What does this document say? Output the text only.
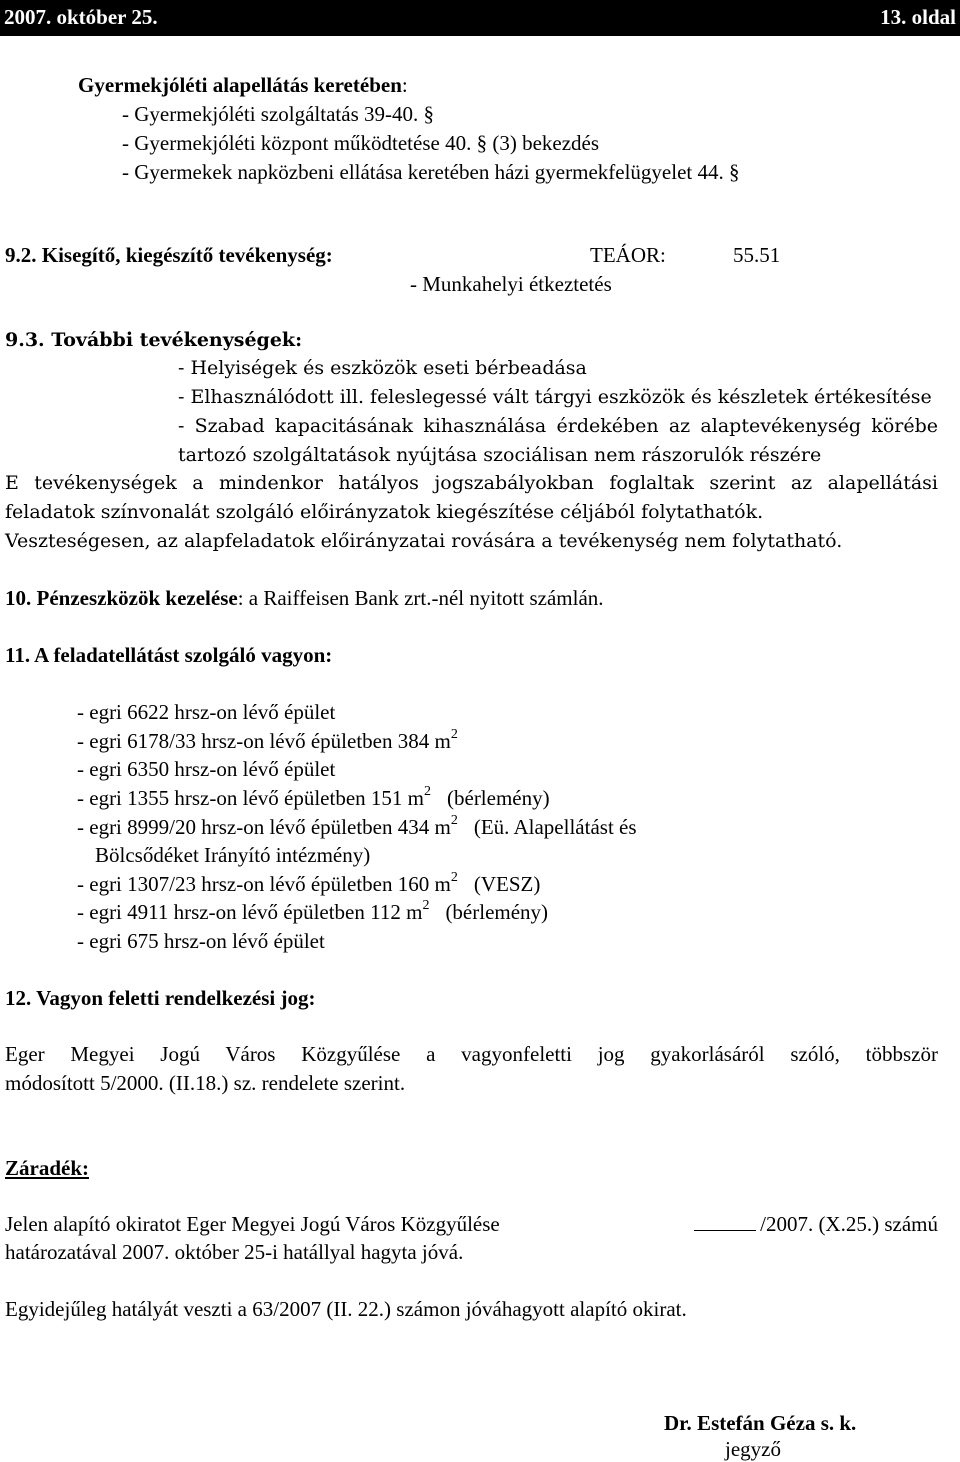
2007. október 25.	13. oldal
Gyermekjóléti alapellátás keretében:
- Gyermekjóléti szolgáltatás 39-40. §
- Gyermekjóléti központ működtetése 40. § (3) bekezdés
- Gyermekek napközbeni ellátása keretében házi gyermekfelügyelet 44. §
9.2. Kisegítő, kiegészítő tevékenység:	TEÁOR:	55.51
- Munkahelyi étkeztetés
9.3. További tevékenységek:
- Helyiségek és eszközök eseti bérbeadása
- Elhasználódott ill. feleslegessé vált tárgyi eszközök és készletek értékesítése
- Szabad kapacitásának kihasználása érdekében az alaptevékenység körébe
tartozó szolgáltatások nyújtása szociálisan nem rászorulók részére
E tevékenységek a mindenkor hatályos jogszabályokban foglaltak szerint az alapellátási
feladatok színvonalát szolgáló előirányzatok kiegészítése céljából folytathatók.
Veszteségesen, az alapfeladatok előirányzatai rovására a tevékenység nem folytatható.
10. Pénzeszközök kezelése: a Raiffeisen Bank zrt.-nél nyitott számlán.
11. A feladatellátást szolgáló vagyon:
- egri 6622 hrsz-on lévő épület
- egri 6178/33 hrsz-on lévő épületben 384 $m^2$
- egri 6350 hrsz-on lévő épület
- egri 1355 hrsz-on lévő épületben 151 $m^2$ (bérlemény)
- egri 8999/20 hrsz-on lévő épületben 434 $m^2$ (Eü. Alapellátást és
Bölcsődéket Irányító intézmény)
- egri 1307/23 hrsz-on lévő épületben 160 $m^2$ (VESZ)
- egri 4911 hrsz-on lévő épületben 112 $m^2$ (bérlemény)
- egri 675 hrsz-on lévő épület
12. Vagyon feletti rendelkezési jog:
Eger Megyei Jogú Város Közgyűlése a vagyonfeletti jog gyakorlásáról szóló, többször
módosított 5/2000. (II.18.) sz. rendelete szerint.
Záradék:
Jelen alapító okiratot Eger Megyei Jogú Város Közgyűlése	/2007. (X.25.) számú
határozatával 2007. október 25-i hatállyal hagyta jóvá.
Egyidejűleg hatályát veszti a 63/2007 (II. 22.) számon jóváhagyott alapító okirat.
Dr. Estefán Géza s. k.
jegyző
